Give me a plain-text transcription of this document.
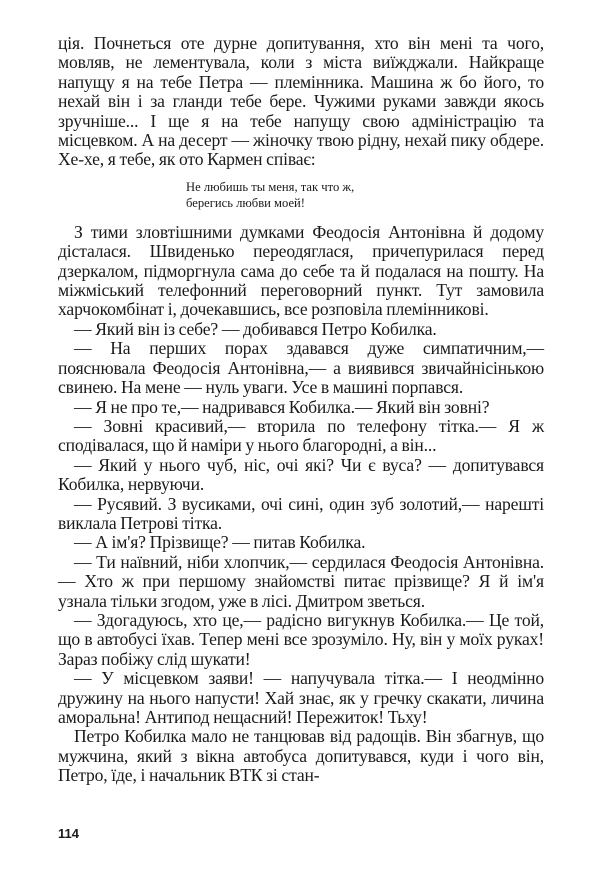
ція. Почнеться оте дурне допитування, хто він мені та чого, мовляв, не лементувала, коли з міста виїжджали. Найкраще напущу я на тебе Петра — племінника. Машина ж бо його, то нехай він і за гланди тебе бере. Чужими руками завжди якось зручніше... І ще я на тебе напущу свою адміністрацію та місцевком. А на десерт — жіночку твою рідну, нехай пику обдере. Хе-хе, я тебе, як ото Кармен співає:

Не любишь ты меня, так что ж,
берегись любви моей!

З тими зловтішними думками Феодосія Антонівна й додому дісталася. Швиденько переодяглася, причепурилася перед дзеркалом, підморгнула сама до себе та й подалася на пошту. На міжміський телефонний переговорний пункт. Тут замовила харчокомбінат і, дочекавшись, все розповіла племінникові.

— Який він із себе? — добивався Петро Кобилка.

— На перших порах здавався дуже симпатичним,— пояснювала Феодосія Антонівна,— а виявився звичайнісінькою свинею. На мене — нуль уваги. Усе в машині порпався.

— Я не про те,— надривався Кобилка.— Який він зовні?

— Зовні красивий,— вторила по телефону тітка.— Я ж сподівалася, що й наміри у нього благородні, а він...

— Який у нього чуб, ніс, очі які? Чи є вуса? — допитувався Кобилка, нервуючи.

— Русявий. З вусиками, очі сині, один зуб золотий,— нарешті виклала Петрові тітка.

— А ім'я? Прізвище? — питав Кобилка.

— Ти наївний, ніби хлопчик,— сердилася Феодосія Антонівна.— Хто ж при першому знайомстві питає прізвище? Я й ім'я узнала тільки згодом, уже в лісі. Дмитром зветься.

— Здогадуюсь, хто це,— радісно вигукнув Кобилка.— Це той, що в автобусі їхав. Тепер мені все зрозуміло. Ну, він у моїх руках! Зараз побіжу слід шукати!

— У місцевком заяви! — напучувала тітка.— І неодмінно дружину на нього напусти! Хай знає, як у гречку скакати, личина аморальна! Антипод нещасний! Пережиток! Тьху!

Петро Кобилка мало не танцював від радощів. Він збагнув, що мужчина, який з вікна автобуса допитувався, куди і чого він, Петро, їде, і начальник ВТК зі стан-

114
